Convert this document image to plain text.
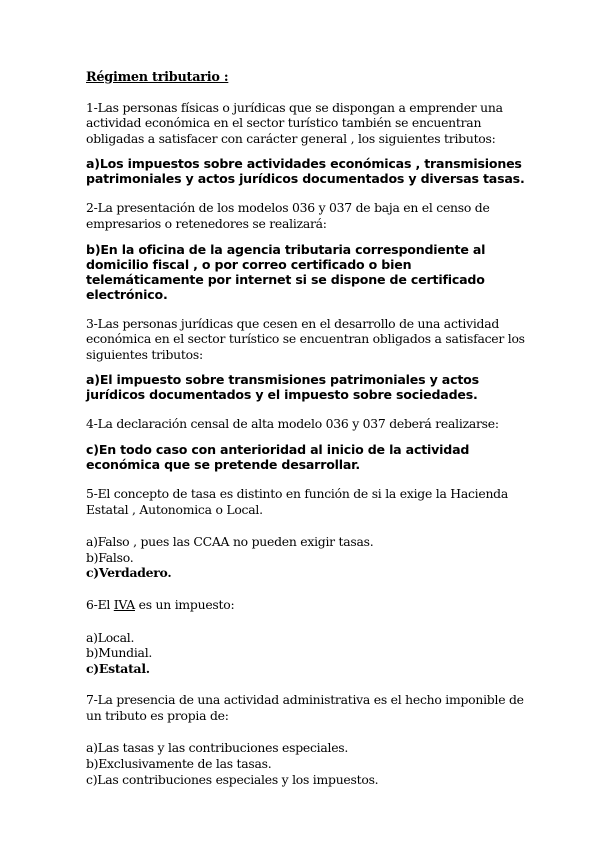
Régimen tributario :
1-Las personas físicas o jurídicas que se dispongan a emprender una actividad económica en el sector turístico también se encuentran obligadas a satisfacer con carácter general , los siguientes tributos:
a)Los impuestos sobre actividades económicas , transmisiones patrimoniales y actos jurídicos documentados y diversas tasas.
2-La presentación de los modelos 036 y 037 de baja en el censo de empresarios o retenedores se realizará:
b)En la oficina de la agencia tributaria correspondiente al domicilio fiscal , o por correo certificado o bien telemáticamente por internet si se dispone de certificado electrónico.
3-Las personas jurídicas que cesen en el desarrollo de una actividad económica en el sector turístico se encuentran obligados a satisfacer los siguientes tributos:
a)El impuesto sobre transmisiones patrimoniales y actos jurídicos documentados y el impuesto sobre sociedades.
4-La declaración censal de alta modelo 036 y 037 deberá realizarse:
c)En todo caso con anterioridad al inicio de la actividad económica que se pretende desarrollar.
5-El concepto de tasa es distinto en función de si la exige la Hacienda Estatal , Autonomica o Local.
a)Falso , pues las CCAA no pueden exigir tasas.
b)Falso.
c)Verdadero.
6-El IVA es un impuesto:
a)Local.
b)Mundial.
c)Estatal.
7-La presencia de una actividad administrativa es el hecho imponible de un tributo es propia de:
a)Las tasas y las contribuciones especiales.
b)Exclusivamente de las tasas.
c)Las contribuciones especiales y los impuestos.
